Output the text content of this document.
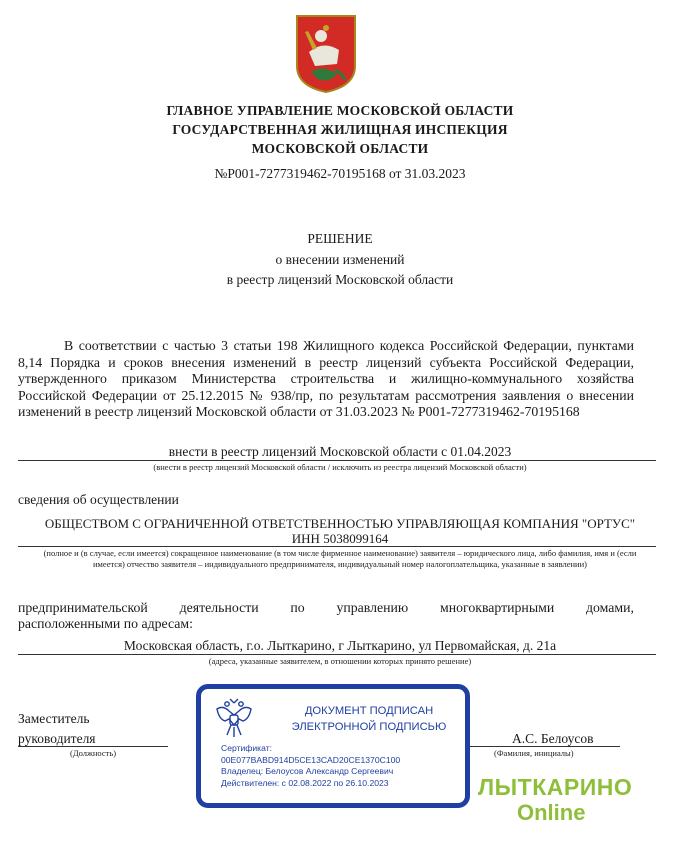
ГЛАВНОЕ УПРАВЛЕНИЕ МОСКОВСКОЙ ОБЛАСТИ
ГОСУДАРСТВЕННАЯ ЖИЛИЩНАЯ ИНСПЕКЦИЯ
МОСКОВСКОЙ ОБЛАСТИ
№Р001-7277319462-70195168 от 31.03.2023
РЕШЕНИЕ
о внесении изменений
в реестр лицензий Московской области

В соответствии с частью 3 статьи 198 Жилищного кодекса Российской Федерации, пунктами 8,14 Порядка и сроков внесения изменений в реестр лицензий субъекта Российской Федерации, утвержденного приказом Министерства строительства и жилищно-коммунального хозяйства Российской Федерации от 25.12.2015 № 938/пр, по результатам рассмотрения заявления о внесении изменений в реестр лицензий Московской области от 31.03.2023 № Р001-7277319462-70195168

внести в реестр лицензий Московской области с 01.04.2023
(внести в реестр лицензий Московской области / исключить из реестра лицензий Московской области)
сведения об осуществлении
ОБЩЕСТВОМ С ОГРАНИЧЕННОЙ ОТВЕТСТВЕННОСТЬЮ УПРАВЛЯЮЩАЯ КОМПАНИЯ "ОРТУС"
ИНН 5038099164
(полное и (в случае, если имеется) сокращенное наименование (в том числе фирменное наименование) заявителя – юридического лица, либо фамилия, имя и (если имеется) отчество заявителя – индивидуального предпринимателя, индивидуальный номер налогоплательщика, указанные в заявлении)
предпринимательской деятельности по управлению многоквартирными домами,
расположенными по адресам:
Московская область, г.о. Лыткарино, г Лыткарино, ул Первомайская, д. 21а
(адреса, указанные заявителем, в отношении которых принято решение)
Заместитель
руководителя
(Должность)
А.С. Белоусов
(Фамилия, инициалы)
ДОКУМЕНТ ПОДПИСАН
ЭЛЕКТРОННОЙ ПОДПИСЬЮ
Сертификат:
00E077BABD914D5CE13CAD20CE1370C100
Владелец: Белоусов Александр Сергеевич
Действителен: с 02.08.2022 по 26.10.2023	ЛЫТКАРИНО
Online
